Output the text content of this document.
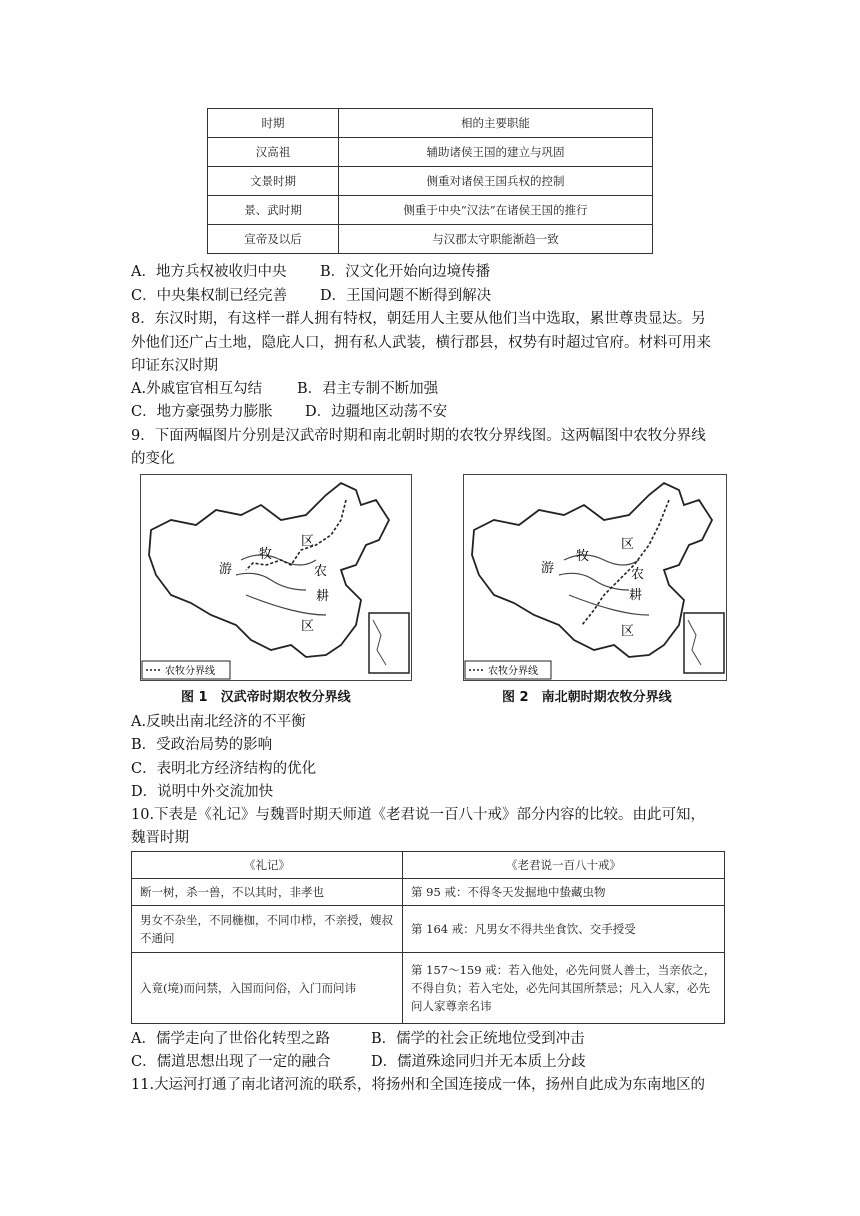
时期	相的主要职能
汉高祖	辅助诸侯王国的建立与巩固
文景时期	侧重对诸侯王国兵权的控制
景、武时期	侧重于中央“汉法”在诸侯王国的推行
宣帝及以后	与汉郡太守职能渐趋一致
A．地方兵权被收归中央 B．汉文化开始向边境传播
C．中央集权制已经完善 D．王国问题不断得到解决
8．东汉时期，有这样一群人拥有特权，朝廷用人主要从他们当中选取，累世尊贵显达。另
外他们还广占土地，隐庇人口，拥有私人武装，横行郡县，权势有时超过官府。材料可用来
印证东汉时期
A.外戚宦官相互勾结 B．君主专制不断加强
C．地方豪强势力膨胀 D．边疆地区动荡不安
9．下面两幅图片分别是汉武帝时期和南北朝时期的农牧分界线图。这两幅图中农牧分界线
的变化
牧
区
游	农
耕
区
农牧分界线
图 1　汉武帝时期农牧分界线
牧
区
游	农
耕
区
农牧分界线
图 2　南北朝时期农牧分界线
A.反映出南北经济的不平衡
B．受政治局势的影响
C．表明北方经济结构的优化
D．说明中外交流加快
10.下表是《礼记》与魏晋时期天师道《老君说一百八十戒》部分内容的比较。由此可知，
魏晋时期
《礼记》	《老君说一百八十戒》
断一树，杀一兽，不以其时，非孝也	第 95 戒：不得冬天发掘地中蛰藏虫物
男女不杂坐，不同椸枷，不同巾栉，不亲授，嫂叔不通问	第 164 戒：凡男女不得共坐食饮、交手授受
入竟(境)而问禁，入国而问俗，入门而问讳	第 157～159 戒：若入他处，必先问贤人善士，当亲依之，不得自负；若入宅处，必先问其国所禁忌；凡入人家，必先问人家尊亲名讳
A．儒学走向了世俗化转型之路	B．儒学的社会正统地位受到冲击
C．儒道思想出现了一定的融合	D．儒道殊途同归并无本质上分歧
11.大运河打通了南北诸河流的联系，将扬州和全国连接成一体，扬州自此成为东南地区的
